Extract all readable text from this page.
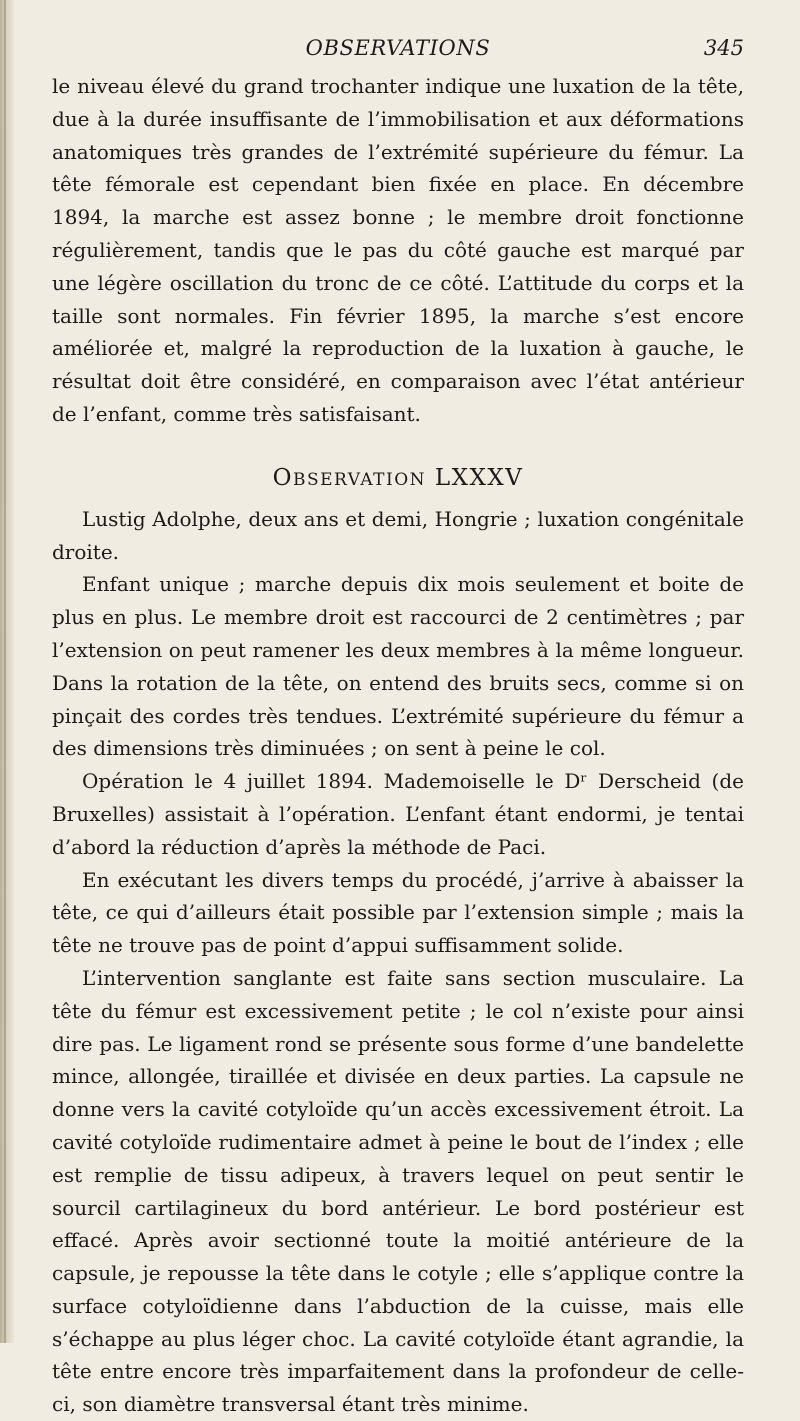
OBSERVATIONS	345

le niveau élevé du grand trochanter indique une luxation de la tête, due à la durée insuffisante de l’immobilisation et aux déformations anatomiques très grandes de l’extrémité supérieure du fémur. La tête fémorale est cependant bien fixée en place. En décembre 1894, la marche est assez bonne ; le membre droit fonctionne régulièrement, tandis que le pas du côté gauche est marqué par une légère oscillation du tronc de ce côté. L’attitude du corps et la taille sont normales. Fin février 1895, la marche s’est encore améliorée et, malgré la reproduction de la luxation à gauche, le résultat doit être considéré, en comparaison avec l’état antérieur de l’enfant, comme très satisfaisant.

OBSERVATION LXXXV

Lustig Adolphe, deux ans et demi, Hongrie ; luxation congénitale droite.

Enfant unique ; marche depuis dix mois seulement et boite de plus en plus. Le membre droit est raccourci de 2 centimètres ; par l’extension on peut ramener les deux membres à la même longueur. Dans la rotation de la tête, on entend des bruits secs, comme si on pinçait des cordes très tendues. L’extrémité supérieure du fémur a des dimensions très diminuées ; on sent à peine le col.

Opération le 4 juillet 1894. Mademoiselle le Dʳ Derscheid (de Bruxelles) assistait à l’opération. L’enfant étant endormi, je tentai d’abord la réduction d’après la méthode de Paci.

En exécutant les divers temps du procédé, j’arrive à abaisser la tête, ce qui d’ailleurs était possible par l’extension simple ; mais la tête ne trouve pas de point d’appui suffisamment solide.

L’intervention sanglante est faite sans section musculaire. La tête du fémur est excessivement petite ; le col n’existe pour ainsi dire pas. Le ligament rond se présente sous forme d’une bandelette mince, allongée, tiraillée et divisée en deux parties. La capsule ne donne vers la cavité cotyloïde qu’un accès excessivement étroit. La cavité cotyloïde rudimentaire admet à peine le bout de l’index ; elle est remplie de tissu adipeux, à travers lequel on peut sentir le sourcil cartilagineux du bord antérieur. Le bord postérieur est effacé. Après avoir sectionné toute la moitié antérieure de la capsule, je repousse la tête dans le cotyle ; elle s’applique contre la surface cotyloïdienne dans l’abduction de la cuisse, mais elle s’échappe au plus léger choc. La cavité cotyloïde étant agrandie, la tête entre encore très imparfaitement dans la profondeur de celle-ci, son diamètre transversal étant très minime.
